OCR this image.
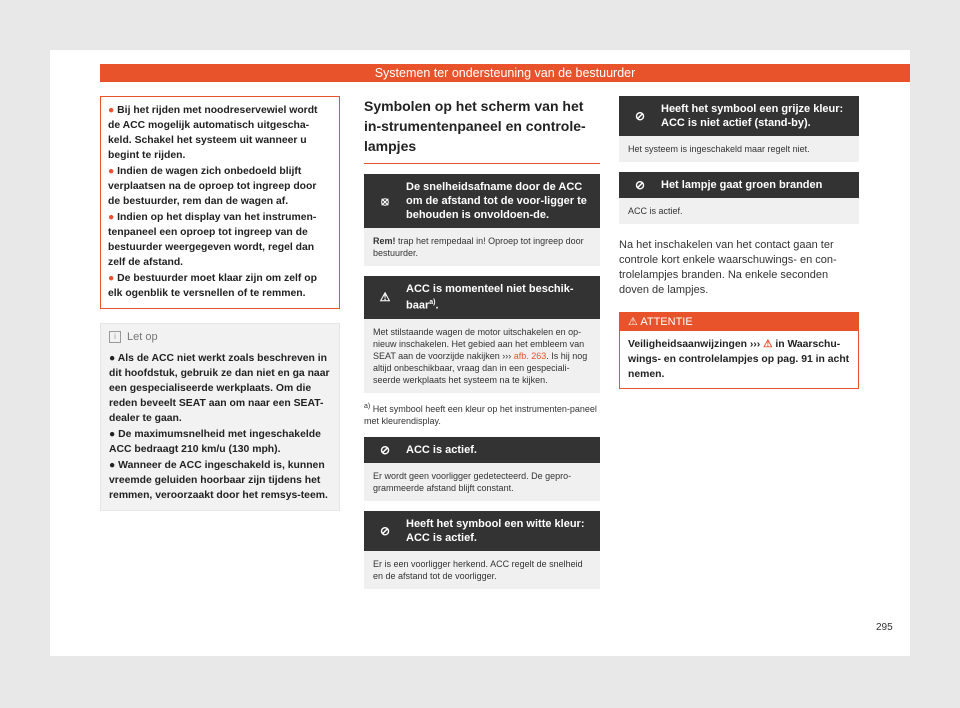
Systemen ter ondersteuning van de bestuurder

● Bij het rijden met noodreservewiel wordt de ACC mogelijk automatisch uitgescha-keld. Schakel het systeem uit wanneer u begint te rijden.

● Indien de wagen zich onbedoeld blijft verplaatsen na de oproep tot ingreep door de bestuurder, rem dan de wagen af.

● Indien op het display van het instrumen-tenpaneel een oproep tot ingreep van de bestuurder weergegeven wordt, regel dan zelf de afstand.

● De bestuurder moet klaar zijn om zelf op elk ogenblik te versnellen of te remmen.

i Let op

● Als de ACC niet werkt zoals beschreven in dit hoofdstuk, gebruik ze dan niet en ga naar een gespecialiseerde werkplaats. Om die reden beveelt SEAT aan om naar een SEAT-dealer te gaan.

● De maximumsnelheid met ingeschakelde ACC bedraagt 210 km/u (130 mph).

● Wanneer de ACC ingeschakeld is, kunnen vreemde geluiden hoorbaar zijn tijdens het remmen, veroorzaakt door het remsys-teem.

Symbolen op het scherm van het in-strumentenpaneel en controle-lampjes
⦻
De snelheidsafname door de ACC om de afstand tot de voor-ligger te behouden is onvoldoen-de.
Rem! trap het rempedaal in! Oproep tot ingreep door bestuurder.
⚠
ACC is momenteel niet beschik-baar$^{a)}$.
Met stilstaande wagen de motor uitschakelen en op-nieuw inschakelen. Het gebied aan het embleem van SEAT aan de voorzijde nakijken ››› afb. 263. Is hij nog altijd onbeschikbaar, vraag dan in een gespeciali-seerde werkplaats het systeem na te kijken.
$^{a)}$ Het symbool heeft een kleur op het instrumenten-paneel met kleurendisplay.
⊘	ACC is actief.
Er wordt geen voorligger gedetecteerd. De gepro-grammeerde afstand blijft constant.
⊘	Heeft het symbool een witte kleur: ACC is actief.
Er is een voorligger herkend. ACC regelt de snelheid en de afstand tot de voorligger.
⊘	Heeft het symbool een grijze kleur: ACC is niet actief (stand-by).
Het systeem is ingeschakeld maar regelt niet.
⊘	Het lampje gaat groen branden
ACC is actief.
Na het inschakelen van het contact gaan ter controle kort enkele waarschuwings- en con-trolelampjes branden. Na enkele seconden doven de lampjes.
⚠ ATTENTIE
Veiligheidsaanwijzingen ››› ⚠ in Waarschu-wings- en controlelampjes op pag. 91 in acht nemen.
295
